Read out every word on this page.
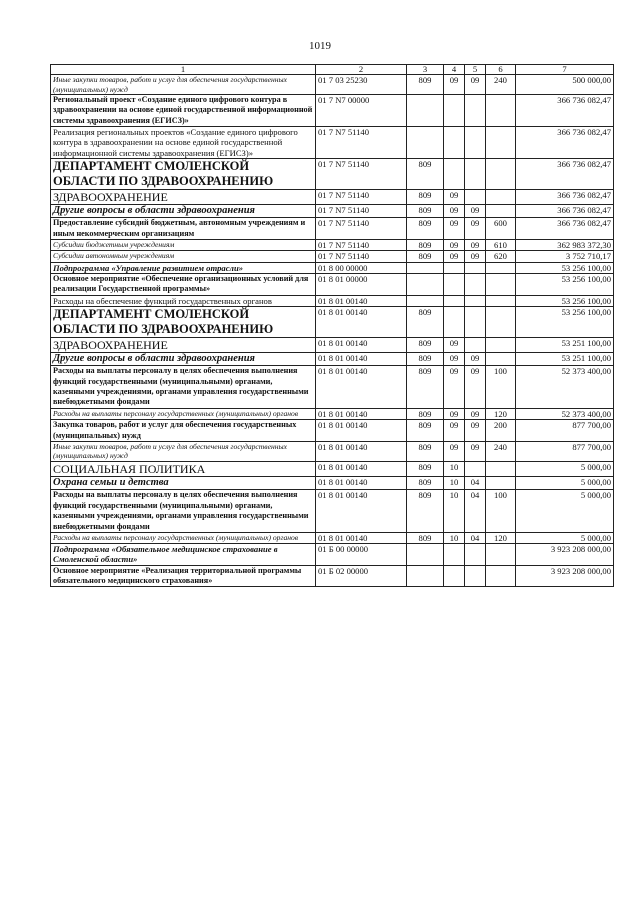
1019
1	2	3	4	5	6	7
Иные закупки товаров, работ и услуг для обеспечения государственных (муниципальных) нужд	01 7 03 25230	809	09	09	240	500 000,00
Региональный проект «Создание единого цифрового контура в здравоохранении на основе единой государственной информационной системы здравоохранения (ЕГИСЗ)»	01 7 N7 00000					366 736 082,47
Реализация региональных проектов «Создание единого цифрового контура в здравоохранении на основе единой государственной информационной системы здравоохранения (ЕГИСЗ)»	01 7 N7 51140					366 736 082,47
ДЕПАРТАМЕНТ СМОЛЕНСКОЙ ОБЛАСТИ ПО ЗДРАВООХРАНЕНИЮ	01 7 N7 51140	809				366 736 082,47
ЗДРАВООХРАНЕНИЕ	01 7 N7 51140	809	09			366 736 082,47
Другие вопросы в области здравоохранения	01 7 N7 51140	809	09	09		366 736 082,47
Предоставление субсидий бюджетным, автономным учреждениям и иным некоммерческим организациям	01 7 N7 51140	809	09	09	600	366 736 082,47
Субсидии бюджетным учреждениям	01 7 N7 51140	809	09	09	610	362 983 372,30
Субсидии автономным учреждениям	01 7 N7 51140	809	09	09	620	3 752 710,17
Подпрограмма «Управление развитием отрасли»	01 8 00 00000					53 256 100,00
Основное мероприятие «Обеспечение организационных условий для реализации Государственной программы»	01 8 01 00000					53 256 100,00
Расходы на обеспечение функций государственных органов	01 8 01 00140					53 256 100,00
ДЕПАРТАМЕНТ СМОЛЕНСКОЙ ОБЛАСТИ ПО ЗДРАВООХРАНЕНИЮ	01 8 01 00140	809				53 256 100,00
ЗДРАВООХРАНЕНИЕ	01 8 01 00140	809	09			53 251 100,00
Другие вопросы в области здравоохранения	01 8 01 00140	809	09	09		53 251 100,00
Расходы на выплаты персоналу в целях обеспечения выполнения функций государственными (муниципальными) органами, казенными учреждениями, органами управления государственными внебюджетными фондами	01 8 01 00140	809	09	09	100	52 373 400,00
Расходы на выплаты персоналу государственных (муниципальных) органов	01 8 01 00140	809	09	09	120	52 373 400,00
Закупка товаров, работ и услуг для обеспечения государственных (муниципальных) нужд	01 8 01 00140	809	09	09	200	877 700,00
Иные закупки товаров, работ и услуг для обеспечения государственных (муниципальных) нужд	01 8 01 00140	809	09	09	240	877 700,00
СОЦИАЛЬНАЯ ПОЛИТИКА	01 8 01 00140	809	10			5 000,00
Охрана семьи и детства	01 8 01 00140	809	10	04		5 000,00
Расходы на выплаты персоналу в целях обеспечения выполнения функций государственными (муниципальными) органами, казенными учреждениями, органами управления государственными внебюджетными фондами	01 8 01 00140	809	10	04	100	5 000,00
Расходы на выплаты персоналу государственных (муниципальных) органов	01 8 01 00140	809	10	04	120	5 000,00
Подпрограмма «Обязательное медицинское страхование в Смоленской области»	01 Б 00 00000					3 923 208 000,00
Основное мероприятие «Реализация территориальной программы обязательного медицинского страхования»	01 Б 02 00000					3 923 208 000,00
